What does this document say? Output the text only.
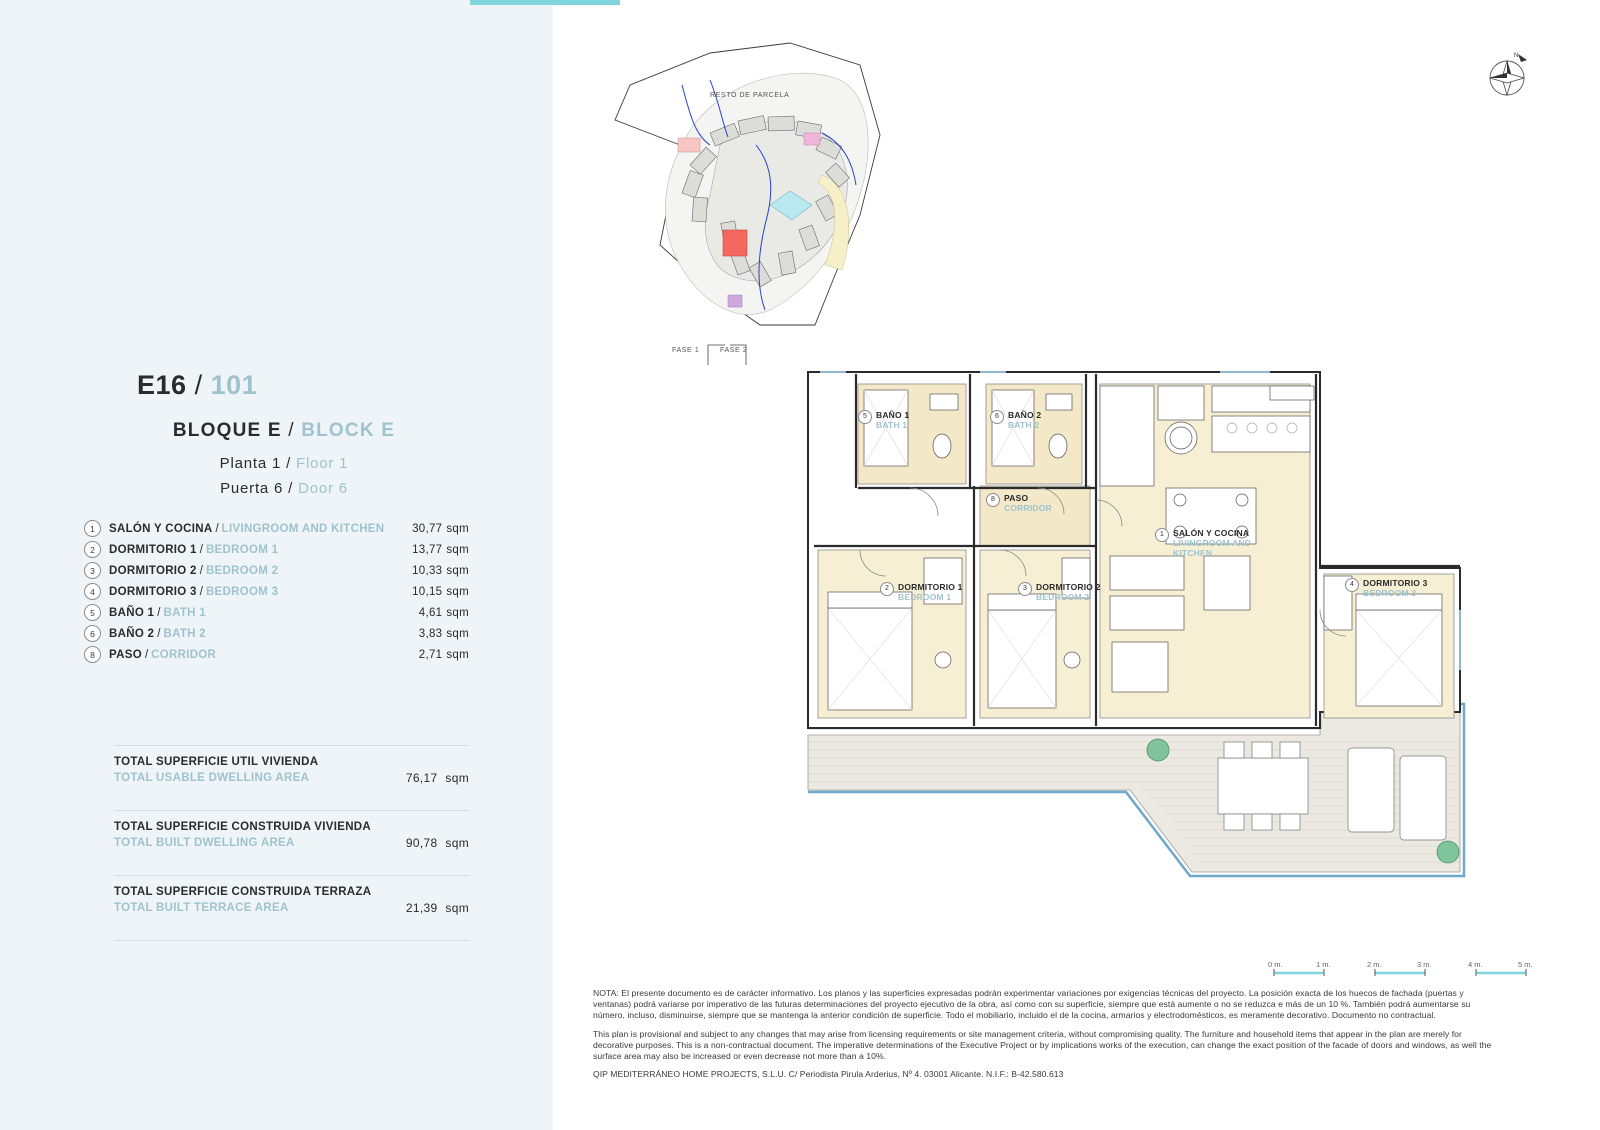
E16 / 101
BLOQUE E / BLOCK E
Planta 1 / Floor 1
Puerta 6 / Door 6
1	SALÓN Y COCINA / LIVINGROOM AND KITCHEN	30,77 sqm
2	DORMITORIO 1 / BEDROOM 1	13,77 sqm
3	DORMITORIO 2 / BEDROOM 2	10,33 sqm
4	DORMITORIO 3 / BEDROOM 3	10,15 sqm
5	BAÑO 1 / BATH 1	4,61 sqm
6	BAÑO 2 / BATH 2	3,83 sqm
8	PASO / CORRIDOR	2,71 sqm
TOTAL SUPERFICIE UTIL VIVIENDA
TOTAL USABLE DWELLING AREA	76,17 sqm
TOTAL SUPERFICIE CONSTRUIDA VIVIENDA
TOTAL BUILT DWELLING AREA	90,78 sqm
TOTAL SUPERFICIE CONSTRUIDA TERRAZA
TOTAL BUILT TERRACE AREA	21,39 sqm
RESTO DE PARCELA
FASE 1	FASE 2
N
5	BAÑO 1
BATH 1
6	BAÑO 2
BATH 2
8	PASO
CORRIDOR
1	SALÓN Y COCINA
LIVINGROOM AND KITCHEN
2	DORMITORIO 1
BEDROOM 1
3	DORMITORIO 2
BEDROOM 2
4	DORMITORIO 3
BEDROOM 3
0 m.	1 m.	2 m.	3 m.	4 m.	5 m.

NOTA: El presente documento es de carácter informativo. Los planos y las superficies expresadas podrán experimentar variaciones por exigencias técnicas del proyecto. La posición exacta de los huecos de fachada (puertas y ventanas) podrá variarse por imperativo de las futuras determinaciones del proyecto ejecutivo de la obra, así como con su superficie, siempre que está aumente o no se reduzca e más de un 10 %. También podrá aumentarse su número, incluso, disminuirse, siempre que se mantenga la anterior condición de superficie. Todo el mobiliario, incluido el de la cocina, armarios y electrodomésticos, es meramente decorativo. Documento no contractual.

This plan is provisional and subject to any changes that may arise from licensing requirements or site management criteria, without compromising quality. The furniture and household items that appear in the plan are merely for decorative purposes. This is a non-contractual document. The imperative determinations of the Executive Project or by implications works of the execution, can change the exact position of the facade of doors and windows, as well the surface area may also be increased or even decrease not more than a 10%.

QIP MEDITERRÁNEO HOME PROJECTS, S.L.U. C/ Periodista Pirula Arderius, Nº 4. 03001 Alicante. N.I.F.: B-42.580.613
